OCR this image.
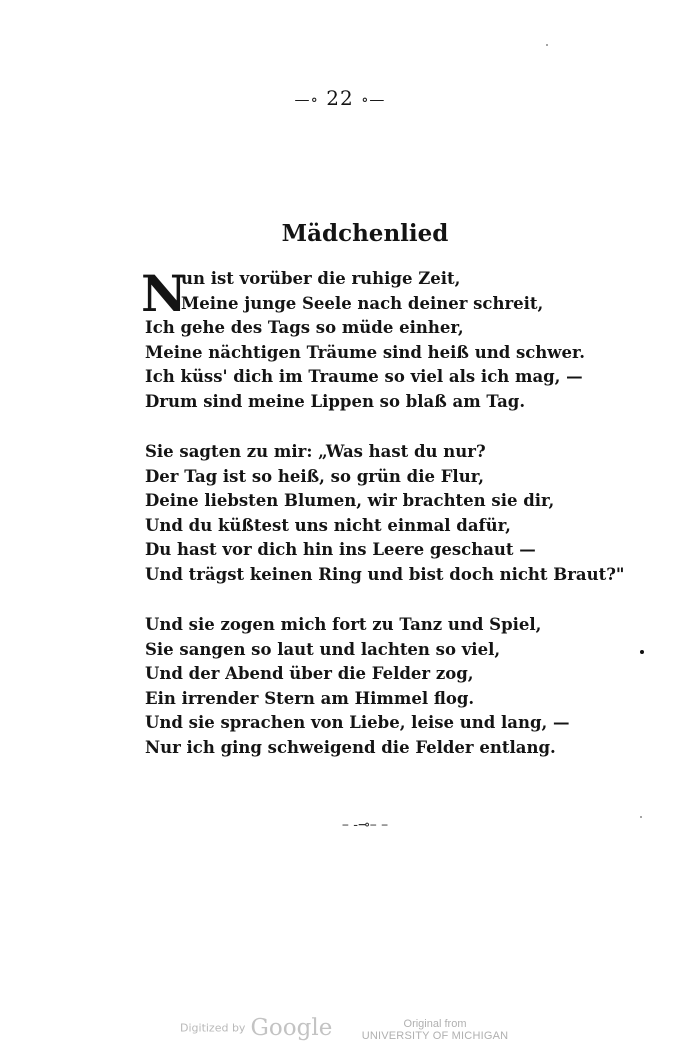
—∘ 22 ∘—
Mädchenlied
N
un ist vorüber die ruhige Zeit,
Meine junge Seele nach deiner schreit,
Ich gehe des Tags so müde einher,
Meine nächtigen Träume sind heiß und schwer.
Ich küss' dich im Traume so viel als ich mag, —
Drum sind meine Lippen so blaß am Tag.
Sie sagten zu mir: „Was hast du nur?
Der Tag ist so heiß, so grün die Flur,
Deine liebsten Blumen, wir brachten sie dir,
Und du küßtest uns nicht einmal dafür,
Du hast vor dich hin ins Leere geschaut —
Und trägst keinen Ring und bist doch nicht Braut?"
Und sie zogen mich fort zu Tanz und Spiel,
Sie sangen so laut und lachten so viel,
Und der Abend über die Felder zog,
Ein irrender Stern am Himmel flog.
Und sie sprachen von Liebe, leise und lang, —
Nur ich ging schweigend die Felder entlang.
– -⊸– –
Digitized by Google	Original from
UNIVERSITY OF MICHIGAN
